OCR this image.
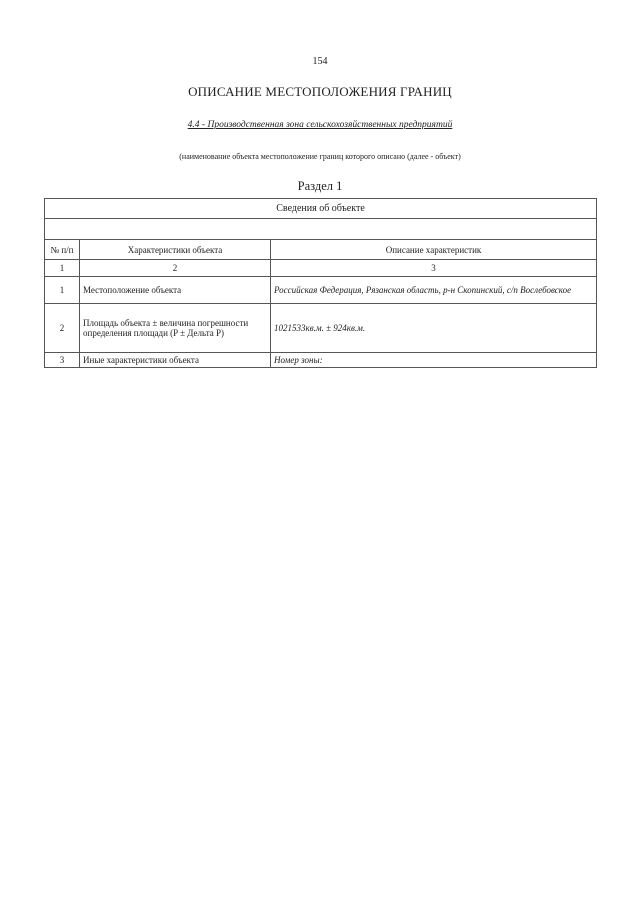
154
ОПИСАНИЕ МЕСТОПОЛОЖЕНИЯ ГРАНИЦ
4.4 - Производственная зона сельскохозяйственных предприятий
(наименование объекта местоположение границ которого описано (далее - объект)
Раздел 1
Сведения об объекте		

№ п/п	Характеристики объекта	Описание характеристик
1	2	3
1	Местоположение объекта	Российская Федерация, Рязанская область, р-н Скопинский, с/п Вослебовское
2	Площадь объекта ± величина погрешности определения площади (P ± Дельта P)	1021533кв.м. ± 924кв.м.
3	Иные характеристики объекта	Номер зоны:
